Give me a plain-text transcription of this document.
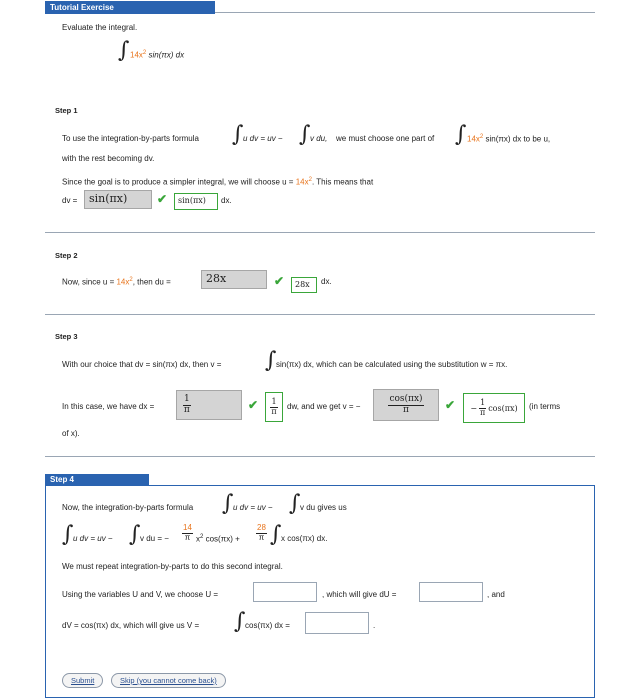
Tutorial Exercise
Evaluate the integral.
∫ $14x^2$ sin(πx) dx
Step 1
To use the integration-by-parts formula ∫ u dv = uv − ∫ v du, we must choose one part of ∫ $14x^2$ sin(πx) dx to be u,
with the rest becoming dv.
Since the goal is to produce a simpler integral, we will choose $u = 14x^2$. This means that
dv =	sin(πx)	✔	sin(πx)	dx.
Step 2
Now, since $u = 14x^2$, then du =	28x	✔	28x	dx.
Step 3
With our choice that dv = sin(πx) dx, then v = ∫ sin(πx) dx, which can be calculated using the substitution w = πx.
In this case, we have dx =	$\frac{1}{\pi}$	✔ $\frac{1}{\pi}$ dw, and we get v = −	$\frac{\cos(\pi x)}{\pi}$ ✔ − $\frac{1}{\pi} \cos(\pi x)$ (in terms
of x).
Step 4
Now, the integration-by-parts formula ∫ u dv = uv − ∫ v du gives us
∫ u dv = uv − ∫ v du = − $\frac{14}{\pi} x^2$ $\cos(\pi x) + \frac{28}{\pi}$ ∫ x cos(πx) dx.
We must repeat integration-by-parts to do this second integral.
Using the variables U and V, we choose U =	, which will give dU =	, and
dV = cos(πx) dx, which will give us V = ∫ cos(πx) dx =	.
Submit	Skip (you cannot come back)
